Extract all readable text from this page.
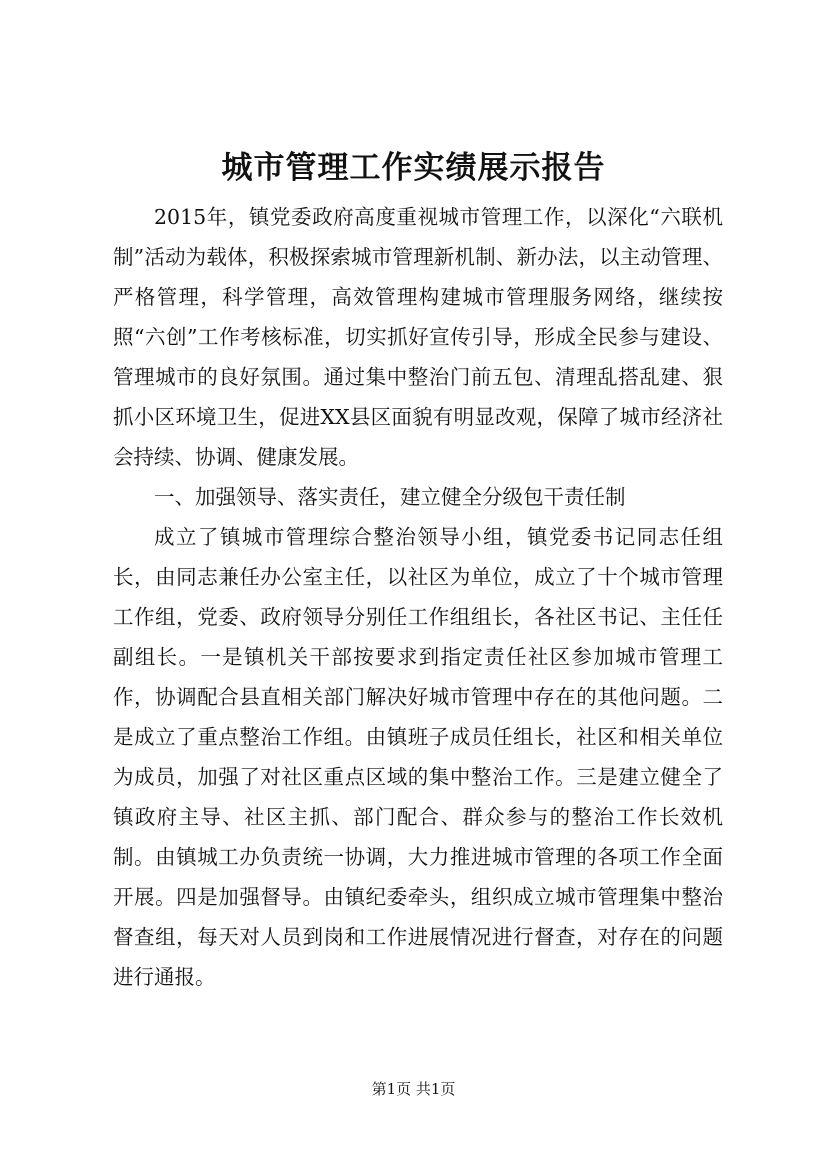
城市管理工作实绩展示报告

2015年，镇党委政府高度重视城市管理工作，以深化“六联机制”活动为载体，积极探索城市管理新机制、新办法，以主动管理、严格管理，科学管理，高效管理构建城市管理服务网络，继续按照“六创”工作考核标准，切实抓好宣传引导，形成全民参与建设、管理城市的良好氛围。通过集中整治门前五包、清理乱搭乱建、狠抓小区环境卫生，促进XX县区面貌有明显改观，保障了城市经济社会持续、协调、健康发展。

一、加强领导、落实责任，建立健全分级包干责任制

成立了镇城市管理综合整治领导小组，镇党委书记同志任组长，由同志兼任办公室主任，以社区为单位，成立了十个城市管理工作组，党委、政府领导分别任工作组组长，各社区书记、主任任副组长。一是镇机关干部按要求到指定责任社区参加城市管理工作，协调配合县直相关部门解决好城市管理中存在的其他问题。二是成立了重点整治工作组。由镇班子成员任组长，社区和相关单位为成员，加强了对社区重点区域的集中整治工作。三是建立健全了镇政府主导、社区主抓、部门配合、群众参与的整治工作长效机制。由镇城工办负责统一协调，大力推进城市管理的各项工作全面开展。四是加强督导。由镇纪委牵头，组织成立城市管理集中整治督查组，每天对人员到岗和工作进展情况进行督查，对存在的问题进行通报。

第1页 共1页
